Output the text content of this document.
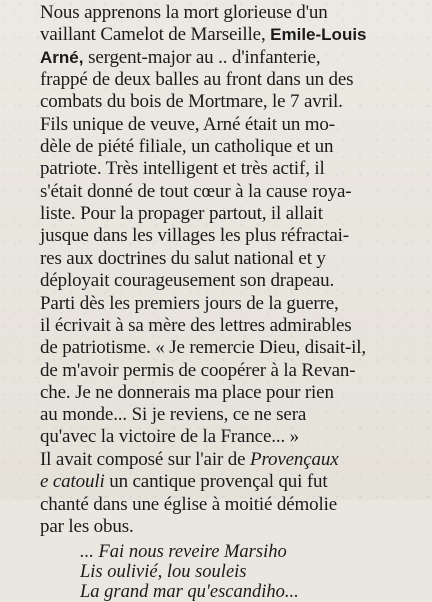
Nous apprenons la mort glorieuse d'un
vaillant Camelot de Marseille, Emile-Louis
Arné, sergent-major au .. d'infanterie,
frappé de deux balles au front dans un des
combats du bois de Mortmare, le 7 avril.

Fils unique de veuve, Arné était un mo-
dèle de piété filiale, un catholique et un
patriote. Très intelligent et très actif, il
s'était donné de tout cœur à la cause roya-
liste. Pour la propager partout, il allait
jusque dans les villages les plus réfractai-
res aux doctrines du salut national et y
déployait courageusement son drapeau.

Parti dès les premiers jours de la guerre,
il écrivait à sa mère des lettres admirables
de patriotisme. « Je remercie Dieu, disait-il,
de m'avoir permis de coopérer à la Revan-
che. Je ne donnerais ma place pour rien
au monde... Si je reviens, ce ne sera
qu'avec la victoire de la France... »

Il avait composé sur l'air de Provençaux
e catouli un cantique provençal qui fut
chanté dans une église à moitié démolie
par les obus.

... Fai nous reveire Marsiho
Lis oulivié, lou souleis
La grand mar qu'escandiho...
